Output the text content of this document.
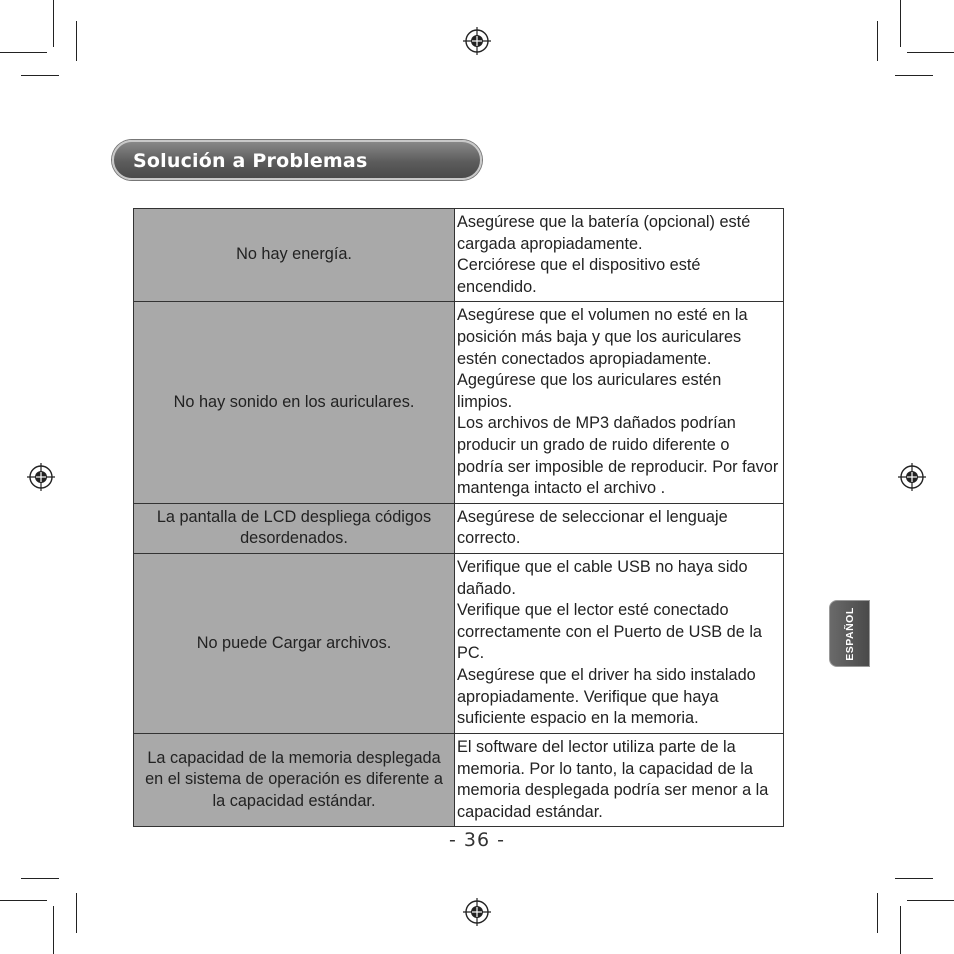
Solución a Problemas
No hay energía.	Asegúrese que la batería (opcional) esté cargada apropiadamente.
Cerciórese que el dispositivo esté encendido.

No hay sonido en los auriculares.	Asegúrese que el volumen no esté en la posición más baja y que los auriculares estén conectados apropiadamente.
Agegúrese que los auriculares estén limpios.
Los archivos de MP3 dañados podrían producir un grado de ruido diferente o podría ser imposible de reproducir. Por favor mantenga intacto el archivo .

La pantalla de LCD despliega códigos desordenados.	Asegúrese de seleccionar el lenguaje correcto.

No puede Cargar archivos.	Verifique que el cable USB no haya sido dañado.
Verifique que el lector esté conectado correctamente con el Puerto de USB de la PC.
Asegúrese que el driver ha sido instalado apropiadamente. Verifique que haya suficiente espacio en la memoria.

La capacidad de la memoria desplegada en el sistema de operación es diferente a la capacidad estándar.	El software del lector utiliza parte de la memoria. Por lo tanto, la capacidad de la memoria desplegada podría ser menor a la capacidad estándar.
- 36 -
ESPAÑOL
